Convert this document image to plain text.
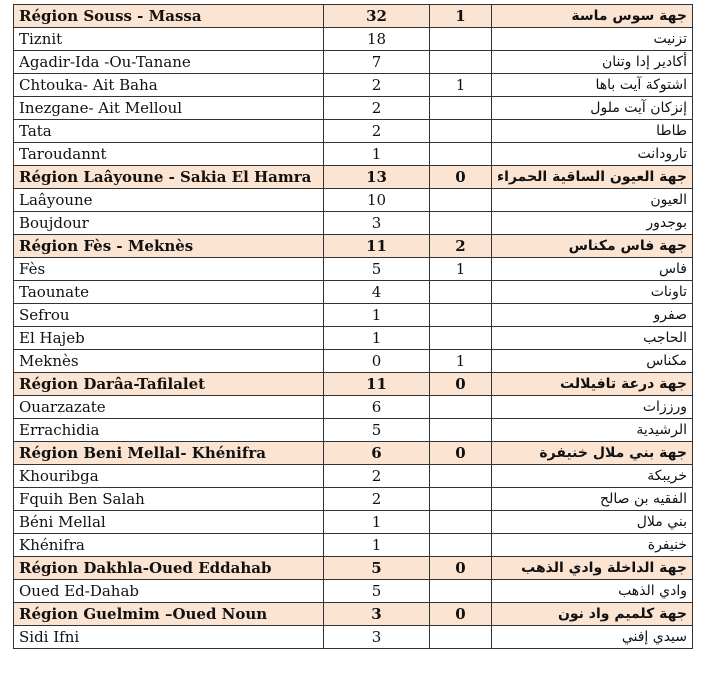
Région Souss - Massa	32	1	جهة سوس ماسة
Tiznit	18		تزنيت
Agadir-Ida -Ou-Tanane	7		أكادير إدا وتنان
Chtouka- Ait Baha	2	1	اشتوكة آيت باها
Inezgane- Ait Melloul	2		إنزكان آيت ملول
Tata	2		طاطا
Taroudannt	1		تارودانت
Région Laâyoune - Sakia El Hamra	13	0	جهة العيون الساقية الحمراء
Laâyoune	10		العيون
Boujdour	3		بوجدور
Région Fès - Meknès	11	2	جهة فاس مكناس
Fès	5	1	فاس
Taounate	4		تاونات
Sefrou	1		صفرو
El Hajeb	1		الحاجب
Meknès	0	1	مكناس
Région Darâa-Tafilalet	11	0	جهة درعة تافيلالت
Ouarzazate	6		ورززات
Errachidia	5		الرشيدية
Région Beni Mellal- Khénifra	6	0	جهة بني ملال خنيفرة
Khouribga	2		خريبكة
Fquih Ben Salah	2		الفقيه بن صالح
Béni Mellal	1		بني ملال
Khénifra	1		خنيفرة
Région Dakhla-Oued Eddahab	5	0	جهة الداخلة وادي الذهب
Oued Ed-Dahab	5		وادي الذهب
Région Guelmim –Oued Noun	3	0	جهة كلميم واد نون
Sidi Ifni	3		سيدي إفني
